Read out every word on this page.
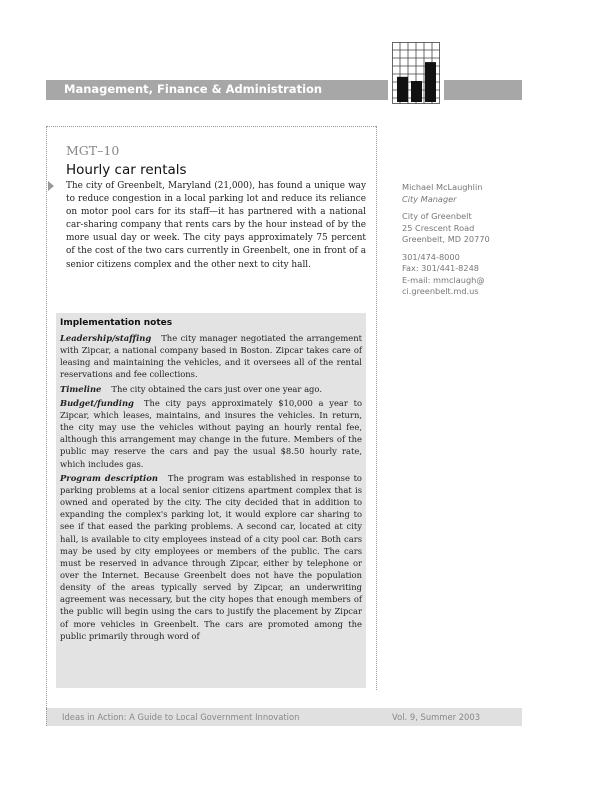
Management, Finance & Administration
MGT–10
Hourly car rentals
The city of Greenbelt, Maryland (21,000), has found a unique way to reduce congestion in a local parking lot and reduce its reliance on motor pool cars for its staff—it has partnered with a national car-sharing company that rents cars by the hour instead of by the more usual day or week. The city pays approximately 75 percent of the cost of the two cars currently in Greenbelt, one in front of a senior citizens complex and the other next to city hall.
Michael McLaughlin
City Manager
City of Greenbelt
25 Crescent Road
Greenbelt, MD 20770
301/474-8000
Fax: 301/441-8248
E-mail: mmclaugh@
ci.greenbelt.md.us
Implementation notes

Leadership/staffing The city manager negotiated the arrangement with Zipcar, a national company based in Boston. Zipcar takes care of leasing and maintaining the vehicles, and it oversees all of the rental reservations and fee collections.

Timeline The city obtained the cars just over one year ago.

Budget/funding The city pays approximately $10,000 a year to Zipcar, which leases, maintains, and insures the vehicles. In return, the city may use the vehicles without paying an hourly rental fee, although this arrangement may change in the future. Members of the public may reserve the cars and pay the usual $8.50 hourly rate, which includes gas.

Program description The program was established in response to parking problems at a local senior citizens apartment complex that is owned and operated by the city. The city decided that in addition to expanding the complex's parking lot, it would explore car sharing to see if that eased the parking problems. A second car, located at city hall, is available to city employees instead of a city pool car. Both cars may be used by city employees or members of the public. The cars must be reserved in advance through Zipcar, either by telephone or over the Internet. Because Greenbelt does not have the population density of the areas typically served by Zipcar, an underwriting agreement was necessary, but the city hopes that enough members of the public will begin using the cars to justify the placement by Zipcar of more vehicles in Greenbelt. The cars are promoted among the public primarily through word of

Ideas in Action: A Guide to Local Government Innovation	Vol. 9, Summer 2003
